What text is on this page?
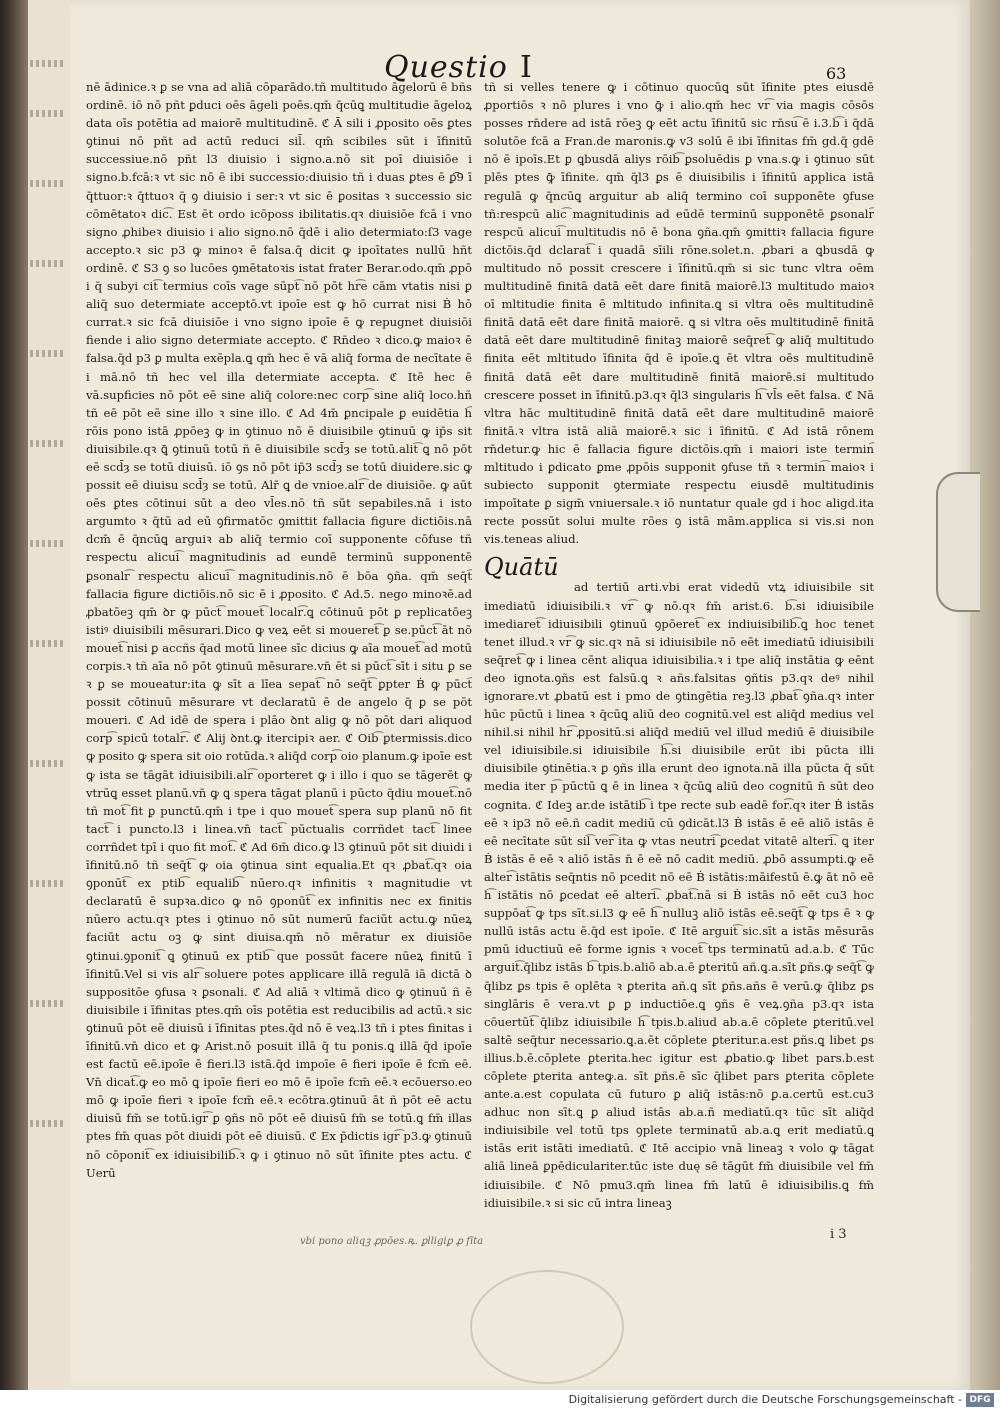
Questio I	63

nē ādinice.ꝛ ꝑ se vna ad aliā cōparādo.tñ multitudo āgelorū ē bñs ordinē. iō nō pñt ꝑduci oēs āgeli poēs.qm̄ q̄cūꝗ multitudie āgeloꝝ data oīs potētia ad maiorē multitudinē. ℭ Ā sili i ꝓposito oēs ꝑtes ꝯtinui nō pñt ad actū reduci sil̄. qm̄ scibiles sūt i īfinitū successiue.nō pñt l3 diuisio i signo.a.nō sit poī diuisiōe i signo.b.fcā:ꝛ vt sic nō ē ibi successio:diuisio tñ i duas ꝑtes ē ꝑ͡9 ī q̄ttuor:ꝛ q̄ttuoꝛ q̄ ꝯ diuisio i ser:ꝛ vt sic ē ꝑositas ꝛ successio sic cōmētatoꝛ dic͡. Est ēt ordo icōposs ibilitatis.qꝛ diuisiōe fcā i vno signo ꝓhibeꝛ diuisio i alio signo.nō q̄dē i alio determiato:ſ3 vage accepto.ꝛ sic p3 ꝙ minoꝛ ē falsa.q̄ dicit ꝙ ipoītates nullū hñt ordinē. ℭ S3 ꝯ so lucōes ꝯmētatoꝛis istat frater Berar.odo.qm̄ ꝓpō i q̄ subyi cit͡ termius coīs vage sūpt͡ nō pōt hr͡e cām vtatis nisi ꝑ aliq̄ suo determiate acceptō.vt ipoīe est ꝙ hō currat nisi Ḃ hō currat.ꝛ sic fcā diuisiōe i vno signo ipoīe ē ꝙ repugnet diuisiōi fiende i alio signo determiate accepto. ℭ Rn̄deo ꝛ dico.ꝙ maioꝛ ē falsa.q̄d p3 ꝑ multa exēpla.ꝗ qm̄ hec ē vā aliq̄ forma de necītate ē i mā.nō tñ hec vel illa determiate accepta. ℭ Itē hec ē vā.supficies nō pōt eē sine aliq̄ colore:nec corp͡ sine aliq̄ loco.hñ tñ eē pōt eē sine illo ꝛ sine illo. ℭ Ad 4m̄ ꝑncipale ꝑ euidētia h͡ rōis pono istā ꝓpōeꝫ ꝙ in ꝯtinuo nō ē diuisibile ꝯtinuū ꝙ ip̄s sit diuisibile.qꝛ ꝗ̄ ꝯtinuū totū ñ ē diuisibile scd̄ȝ se totū.alit͡ ꝗ nō pōt eē scd̄ȝ se totū diuisū. iō ꝯs nō pōt ip̄3 scd̄ȝ se totū diuidere.sic ꝙ possit eē diuisu scd̄ȝ se totū. Alr̄ ꝗ de vnioe.alr͡ de diuisiōe. ꝙ aūt oēs ꝑtes cōtinui sūt a deo vl̄es.nō tñ sūt sepabiles.nā i isto argumto ꝛ q̄tū ad eū ꝯfirmatōc ꝯmittit fallacia figure dictiōis.nā dcm̄ ē q̄ncūꝗ arguiꝛ ab aliq̄ termio coī supponente cōfuse tñ respectu alicui͡ magnitudinis ad eundē terminū supponentē ꝑsonalr͡ respectu alicui͡ magnitudinis.nō ē bōa ꝯña. qm̄ seq̄t͡ fallacia figure dictiōis.nō sic ē i ꝓposito. ℭ Ad.5. nego minoꝛē.ad ꝓbatōeꝫ qm̄ ꝺr ꝙ pūct͡ mouet͡ localr͡.ꝗ cōtinuū pōt ꝑ replicatōeꝫ istiꝰ diuisibili mēsurari.Dico ꝙ veꝝ eēt si moueret͡ ꝑ se.pūct͡ āt nō mouet͡ nisi ꝑ accñs q̄ad motū linee sīc dicius ꝙ aīa mouet͡ ad motū corpis.ꝛ tñ aīa nō pōt ꝯtinuū mēsurare.vn̄ ēt si pūct͡ sīt i situ ꝑ se ꝛ ꝑ se moueatur:ita ꝙ sīt a līea sepat͡ nō seq̄t͡ ꝑpter Ḃ ꝙ pūct͡ possit cōtinuū mēsurare vt declaratū ē de angelo q̄ ꝑ se pōt moueri. ℭ Ad idē de spera i plāo ꝺnt alig ꝙ nō pōt dari aliquod corp͡ spicū totalr͡. ℭ Alij ꝺnt.ꝙ itercipiꝛ aer. ℭ Oib͡ ꝑtermissis.dico ꝙ posito ꝙ spera sit oio rotūda.ꝛ aliq̄d corp͡ oio planum.ꝙ ipoīe est ꝙ ista se tāgāt idiuisibili.alr͡ oporteret ꝙ i illo i quo se tāgerēt ꝙ vtrūꝗ esset planū.vn̄ ꝙ ꝗ spera tāgat planū i pūcto q̄diu mouet͡.nō tñ mot͡ fit ꝑ punctū.qm̄ i tpe i quo mouet͡ spera sup planū nō fit tact͡ i puncto.l3 i linea.vn̄ tact͡ pūctualis corrñdet tact͡ linee corrñdet tpī i quo fit mot͡. ℭ Ad 6m̄ dico.ꝙ l3 ꝯtinuū pōt sit diuidi i īfinitū.nō tñ seq̄t͡ ꝙ oia ꝯtinua sint equalia.Et qꝛ ꝓbat͡.qꝛ oia ꝯponūt͡ ex ptib͡ equalib͡ nūero.qꝛ infinitis ꝛ magnitudie vt declaratū ē supꝛa.dico ꝙ nō ꝯponūt͡ ex infinitis nec ex finitis nūero actu.qꝛ ptes i ꝯtinuo nō sūt numerū faciūt actu.ꝙ nūeꝝ faciūt actu oꝫ ꝙ sint diuisa.qm̄ nō mēratur ex diuisiōe ꝯtinui.ꝯponit͡ ꝗ ꝯtinuū ex ptib͡ que possūt facere nūeꝝ finitū ī īfinitū.Vel si vis alr͡ soluere potes applicare illā regulā iā dictā ꝺ suppositōe ꝯfusa ꝛ ꝑsonali. ℭ Ad aliā ꝛ vltimā dico ꝙ ꝯtinuū ñ ē diuisibile i īfinitas ptes.qm̄ oīs potētia est reducibilis ad actū.ꝛ sic ꝯtinuū pōt eē diuisū i īfinitas ptes.q̄d nō ē veꝝ.l3 tñ i ptes finitas i īfinitū.vn̄ dico et ꝙ Arist.nō posuit illā q̄ tu ponis.ꝗ illā q̄d ipoīe est factū eē.ipoīe ē fieri.l3 istā.q̄d impoīe ē fieri ipoīe ē fcm̄ eē. Vn̄ dicat͡.ꝙ eo mō ꝗ ipoīe fieri eo mō ē ipoīe fcm̄ eē.ꝛ ecōuerso.eo mō ꝙ ipoīe fieri ꝛ ipoīe fcm̄ eē.ꝛ ecōtra.ꝯtinuū āt ñ pōt eē actu diuisū fm̄ se totū.igr͡ ꝑ ꝯñs nō pōt eē diuisū fm̄ se totū.ꝗ fm̄ illas ptes fm̄ quas pōt diuidi pōt eē diuisū. ℭ Ex p̄dictis igr͡ p3.ꝙ ꝯtinuū nō cōponit͡ ex idiuisibilib͡.ꝛ ꝙ i ꝯtinuo nō sūt īfinite ptes actu. ℭ Uerū

tñ si velles tenere ꝙ i cōtinuo quocūꝗ sūt īfinite ptes eiusdē ꝓportiōs ꝛ nō plures i vno ꝙ̄ i alio.qm̄ hec vr͡ via magis cōsōs posses rn̄dere ad istā rōeꝫ ꝙ eēt actu īfinitū sic rn̄su͡ ē i.3.b͡ i q̄dā solutōe fcā a Fran.de maronis.ꝙ v3 solū ē ibi īfinitas fm̄ gd.q̄ gdē nō ē ipoīs.Et ꝑ ꝗbusdā aliys rōib͡ ꝑsoluēdis ꝑ vna.s.ꝙ i ꝯtinuo sūt plēs ptes ꝙ̄ īfinite. qm̄ q̄l3 ꝑs ē diuisibilis i īfinitū applica istā regulā ꝙ q̄ncūꝗ arguitur ab aliq̄ termino coī supponēte ꝯfuse tñ:respcū alic͡ magnitudinis ad eūdē terminū supponētē ꝑsonalr͡ respcū alicui͡ multitudis nō ē bona ꝯña.qm̄ ꝯmittiꝛ fallacia figure dictōis.q̄d dclarat͡ i quadā sīili rōne.solet.n. ꝓbari a ꝗbusdā ꝙ multitudo nō possit crescere i īfinitū.qm̄ si sic tunc vltra oēm multitudinē finitā datā eēt dare finitā maiorē.l3 multitudo maioꝛ oī mltitudie finita ē mltitudo infinita.ꝗ si vltra oēs multitudinē finitā datā eēt dare finitā maiorē. ꝗ si vltra oēs multitudinē finitā datā eēt dare multitudinē finitaꝫ maiorē seq̄ret͡ ꝙ aliq̄ multitudo finita eēt mltitudo īfinita q̄d ē ipoīe.ꝗ ēt vltra oēs multitudinē finitā datā eēt dare multitudinē finitā maiorē.si multitudo crescere posset in īfinitū.p3.qꝛ q̄l3 singularis h͡ vl̄s eēt falsa. ℭ Nā vltra hāc multitudinē finitā datā eēt dare multitudinē maiorē finitā.ꝛ vltra istā aliā maiorē.ꝛ sic i īfinitū. ℭ Ad istā rōnem rn̄detur.ꝙ hic ē fallacia figure dictōis.qm̄ i maiori iste termin͡ mltitudo i ꝑdicato ꝑme ꝓpōis supponit ꝯfuse tñ ꝛ termin͡ maioꝛ i subiecto supponit ꝯtermiate respectu eiusdē multitudinis impoītate ꝑ sigm̄ vniuersale.ꝛ iō nuntatur quale gd i hoc aligd.ita recte possūt solui multe rōes ꝯ istā mām.applica si vis.si non vis.teneas aliud.

ad tertiū arti.vbi erat videdū vtꝝ idiuisibile sit imediatū idiuisibili.ꝛ vr͡ ꝙ nō.qꝛ fm̄ arist.6. b͡.si idiuisibile imediaret͡ idiuisibili ꝯtinuū ꝯpōeret͡ ex indiuisibilib͡.ꝗ hoc tenet tenet illud.ꝛ vr͡ ꝙ sic.qꝛ nā si idiuisibile nō eēt imediatū idiuisibili seq̄ret͡ ꝙ i linea cēnt aliqua idiuisibilia.ꝛ i tpe aliq̄ instātia ꝙ eēnt deo ignota.ꝯñs est falsū.ꝗ ꝛ añs.falsitas ꝯñtis p3.qꝛ deꝰ nihil ignorare.vt ꝓbatū est i pmo de ꝯtingētia reꝫ.l3 ꝓbat͡ ꝯña.qꝛ inter hūc pūctū i linea ꝛ q̄cūꝗ aliū deo cognitū.vel est aliq̄d medius vel nihil.si nihil hr͡ ꝓpositū.si aliq̄d mediū vel illud mediū ē diuisibile vel idiuisibile.si idiuisibile h͡.si diuisibile erūt ibi pūcta illi diuisibile ꝯtinētia.ꝛ ꝑ ꝯñs illa erunt deo ignota.nā illa pūcta q̄ sūt media iter p͡ pūctū ꝗ ē in linea ꝛ q̄cūꝗ aliū deo cognitū n̄ sūt deo cognita. ℭ Ideꝫ ar.de istātib͡ i tpe recte sub eadē for͡.qꝛ iter Ḃ istās eē ꝛ ip3 nō eē.ñ cadit mediū cū ꝯdicāt.l3 Ḃ istās ē eē aliō istās ē eē necītate sūt sil͡ ver͡ ita ꝙ vtas neutri͡ ꝑcedat vitatē alteri͡. ꝗ iter Ḃ istās ē eē ꝛ aliō istās n̄ ē eē nō cadit mediū. ꝓbō assumpti.ꝙ eē alter͡ istātis seq̄ntis nō pcedit nō eē Ḃ istātis:māifestū ē.ꝙ āt nō eē h͡ istātis nō ꝑcedat eē alteri͡. ꝓbat͡.nā si Ḃ istās nō eēt cu3 hoc suppōat͡ ꝙ tps sīt.si.l3 ꝙ eē h͡ nulluꝫ aliō istās eē.seq̄t͡ ꝙ tps ē ꝛ ꝙ nullū istās actu ē.q̄d est ipoīe. ℭ Itē arguit͡ sic.sīt a istās mēsurās pmū iductiuū eē forme ignis ꝛ vocet͡ tps terminatū ad.a.b. ℭ Tūc arguit͡.q̄libz istās b͡ tpis.b.aliō ab.a.ē ꝑteritū añ.ꝗ.a.sīt ꝑñs.ꝙ seq̄t͡ ꝙ q̄libz ꝑs tpis ē oplēta ꝛ ꝑterita añ.ꝗ sīt ꝑñs.añs ē verū.ꝙ q̄libz ꝑs singlāris ē vera.vt ꝑ ꝑ inductiōe.ꝗ ꝯñs ē veꝝ.ꝯña p3.qꝛ ista cōuertūt͡ q̄libz idiuisibile h͡ tpis.b.aliud ab.a.ē cōplete ꝑteritū.vel saltē seq̄tur necessario.ꝗ.a.ēt cōplete ꝑteritur.a.est ꝑñs.ꝗ libet ꝑs illius.b.ē.cōplete ꝑterita.hec igitur est ꝓbatio.ꝙ libet pars.b.est cōplete ꝑterita anteꝙ.a. sīt ꝑñs.ē sīc q̄libet pars ꝑterita cōplete ante.a.est copulata cū futuro ꝑ aliq̄ istās:nō ꝑ.a.certū est.cu3 adhuc non sīt.ꝗ ꝑ aliud istās ab.a.ñ mediatū.qꝛ tūc sīt aliq̄d indiuisibile vel totū tps ꝯplete terminatū ab.a.ꝗ erit mediatū.ꝗ istās erit istāti imediatū. ℭ Itē accipio vnā lineaꝫ ꝛ volo ꝙ tāgat aliā lineā ꝑpēdiculariter.tūc iste duę sē tāgūt fm̄ diuisibile vel fm̄ idiuisibile. ℭ Nō pmu3.qm̄ linea fm̄ latū ē idiuisibilis.ꝗ fm̄ idiuisibile.ꝛ si sic cū intra lineaꝫ

Quātū
vbi pono aliqꝫ ꝓpōes.ꝶ. ꝑlligiꝑ ꝓ fīta	i 3
Digitalisierung gefördert durch die Deutsche Forschungsgemeinschaft - DFG
